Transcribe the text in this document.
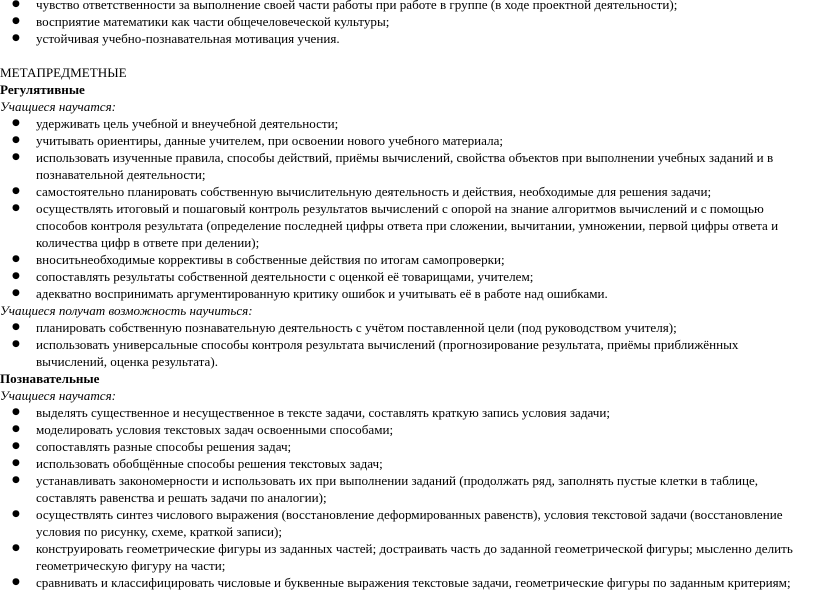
● чувство ответственности за выполнение своей части работы при работе в группе (в ходе проектной деятельности);
● восприятие математики как части общечеловеческой культуры;
● устойчивая учебно-познавательная мотивация учения.
МЕТАПРЕДМЕТНЫЕ
Регулятивные
Учащиеся научатся:
● удерживать цель учебной и внеучебной деятельности;
● учитывать ориентиры, данные учителем, при освоении нового учебного материала;
● использовать изученные правила, способы действий, приёмы вычислений, свойства объектов при выполнении учебных заданий и в познавательной деятельности;
● самостоятельно планировать собственную вычислительную деятельность и действия, необходимые для решения задачи;
● осуществлять итоговый и пошаговый контроль результатов вычислений с опорой на знание алгоритмов вычислений и с помощью способов контроля результата (определение последней цифры ответа при сложении, вычитании, умножении, первой цифры ответа и количества цифр в ответе при делении);
● вноситьнеобходимые коррективы в собственные действия по итогам самопроверки;
● сопоставлять результаты собственной деятельности с оценкой её товарищами, учителем;
● адекватно воспринимать аргументированную критику ошибок и учитывать её в работе над ошибками.
Учащиеся получат возможность научиться:
● планировать собственную познавательную деятельность с учётом поставленной цели (под руководством учителя);
● использовать универсальные способы контроля результата вычислений (прогнозирование результата, приёмы приближённых вычислений, оценка результата).
Познавательные
Учащиеся научатся:
● выделять существенное и несущественное в тексте задачи, составлять краткую запись условия задачи;
● моделировать условия текстовых задач освоенными способами;
● сопоставлять разные способы решения задач;
● использовать обобщённые способы решения текстовых задач;
● устанавливать закономерности и использовать их при выполнении заданий (продолжать ряд, заполнять пустые клетки в таблице, составлять равенства и решать задачи по аналогии);
● осуществлять синтез числового выражения (восстановление деформированных равенств), условия текстовой задачи (восстановление условия по рисунку, схеме, краткой записи);
● конструировать геометрические фигуры из заданных частей; достраивать часть до заданной геометрической фигуры; мысленно делить геометрическую фигуру на части;
● сравнивать и классифицировать числовые и буквенные выражения текстовые задачи, геометрические фигуры по заданным критериям;
